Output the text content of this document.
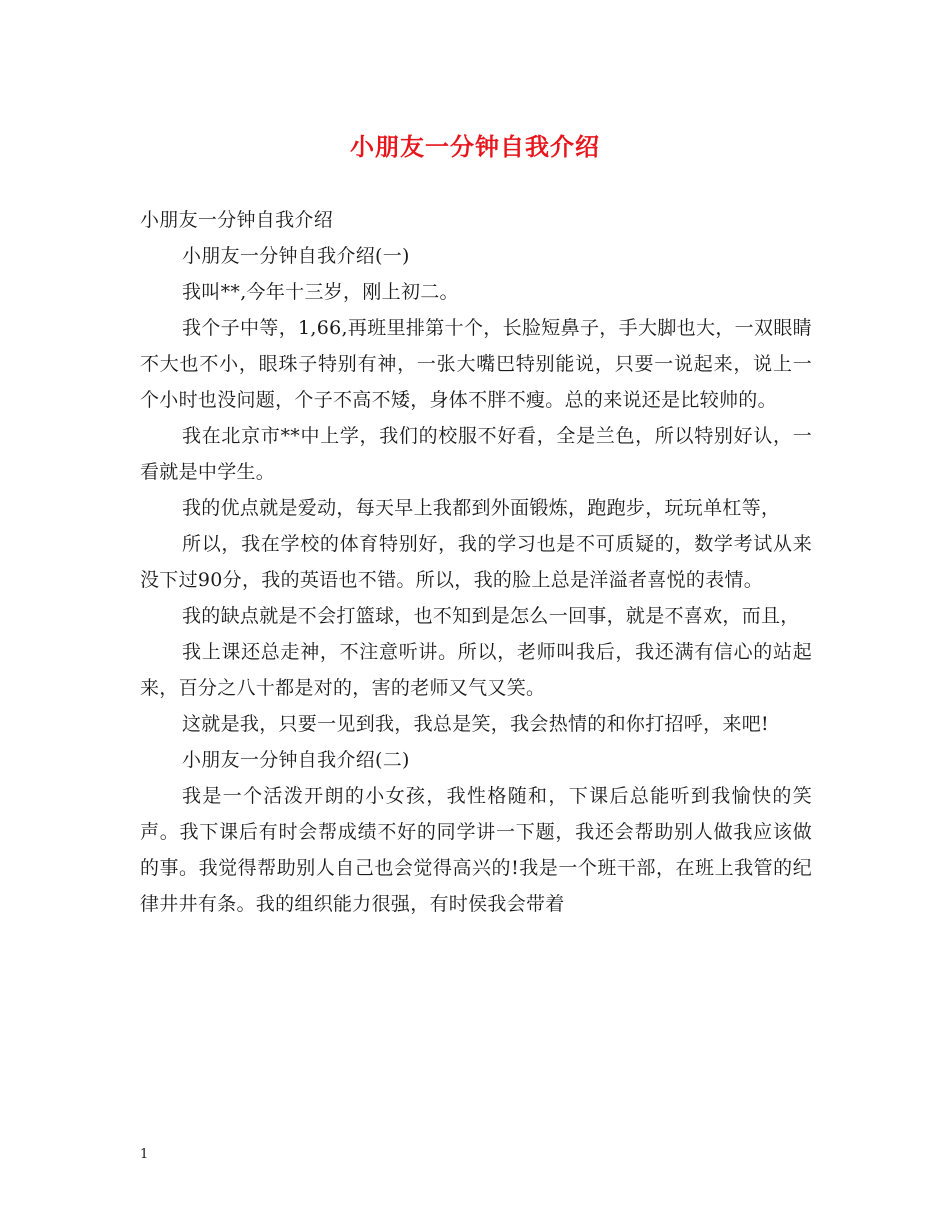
小朋友一分钟自我介绍

小朋友一分钟自我介绍

小朋友一分钟自我介绍(一)

我叫**,今年十三岁，刚上初二。

我个子中等，1,66,再班里排第十个，长脸短鼻子，手大脚也大，一双眼睛不大也不小，眼珠子特别有神，一张大嘴巴特别能说，只要一说起来，说上一个小时也没问题，个子不高不矮，身体不胖不瘦。总的来说还是比较帅的。

我在北京市**中上学，我们的校服不好看，全是兰色，所以特别好认，一看就是中学生。

我的优点就是爱动，每天早上我都到外面锻炼，跑跑步，玩玩单杠等，

所以，我在学校的体育特别好，我的学习也是不可质疑的，数学考试从来没下过90分，我的英语也不错。所以，我的脸上总是洋溢者喜悦的表情。

我的缺点就是不会打篮球，也不知到是怎么一回事，就是不喜欢，而且，

我上课还总走神，不注意听讲。所以，老师叫我后，我还满有信心的站起来，百分之八十都是对的，害的老师又气又笑。

这就是我，只要一见到我，我总是笑，我会热情的和你打招呼，来吧!

小朋友一分钟自我介绍(二)

我是一个活泼开朗的小女孩，我性格随和，下课后总能听到我愉快的笑声。我下课后有时会帮成绩不好的同学讲一下题，我还会帮助别人做我应该做的事。我觉得帮助别人自己也会觉得高兴的!我是一个班干部，在班上我管的纪律井井有条。我的组织能力很强，有时侯我会带着

1
